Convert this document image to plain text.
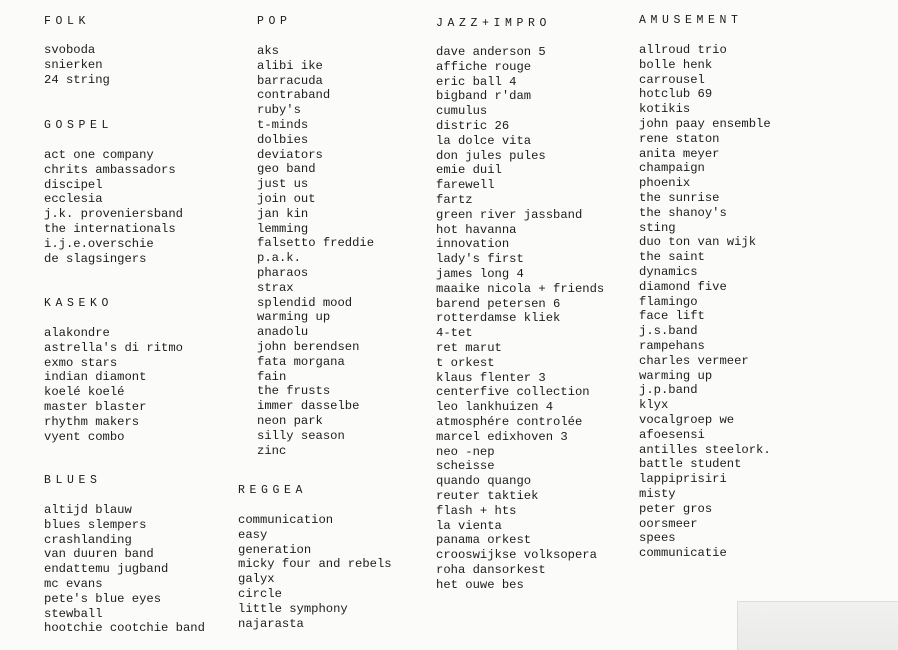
FOLK
svoboda
snierken
24 string
GOSPEL
act one company
chrits ambassadors
discipel
ecclesia
j.k. proveniersband
the internationals
i.j.e.overschie
de slagsingers
KASEKO
alakondre
astrella's di ritmo
exmo stars
indian diamont
koelé koelé
master blaster
rhythm makers
vyent combo
BLUES
altijd blauw
blues slempers
crashlanding
van duuren band
endattemu jugband
mc evans
pete's blue eyes
stewball
hootchie cootchie band
POP
aks
alibi ike
barracuda
contraband
ruby's
t-minds
dolbies
deviators
geo band
just us
join out
jan kin
lemming
falsetto freddie
p.a.k.
pharaos
strax
splendid mood
warming up
anadolu
john berendsen
fata morgana
fain
the frusts
immer dasselbe
neon park
silly season
zinc
REGGEA
communication
easy
generation
micky four and rebels
galyx
circle
little symphony
najarasta
JAZZ+IMPRO
dave anderson 5
affiche rouge
eric ball 4
bigband r'dam
cumulus
distric 26
la dolce vita
don jules pules
emie duil
farewell
fartz
green river jassband
hot havanna
innovation
lady's first
james long 4
maaike nicola + friends
barend petersen 6
rotterdamse kliek
4-tet
ret marut
t orkest
klaus flenter 3
centerfive collection
leo lankhuizen 4
atmosphére controlée
marcel edixhoven 3
neo -nep
scheisse
quando quango
reuter taktiek
flash + hts
la vienta
panama orkest
crooswijkse volksopera
roha dansorkest
het ouwe bes
AMUSEMENT
allroud trio
bolle henk
carrousel
hotclub 69
kotikis
john paay ensemble
rene staton
anita meyer
champaign
phoenix
the sunrise
the shanoy's
sting
duo ton van wijk
the saint
dynamics
diamond five
flamingo
face lift
j.s.band
rampehans
charles vermeer
warming up
j.p.band
klyx
vocalgroep we
afoesensi
antilles steelork.
battle student
lappiprisiri
misty
peter gros
oorsmeer
spees
communicatie
